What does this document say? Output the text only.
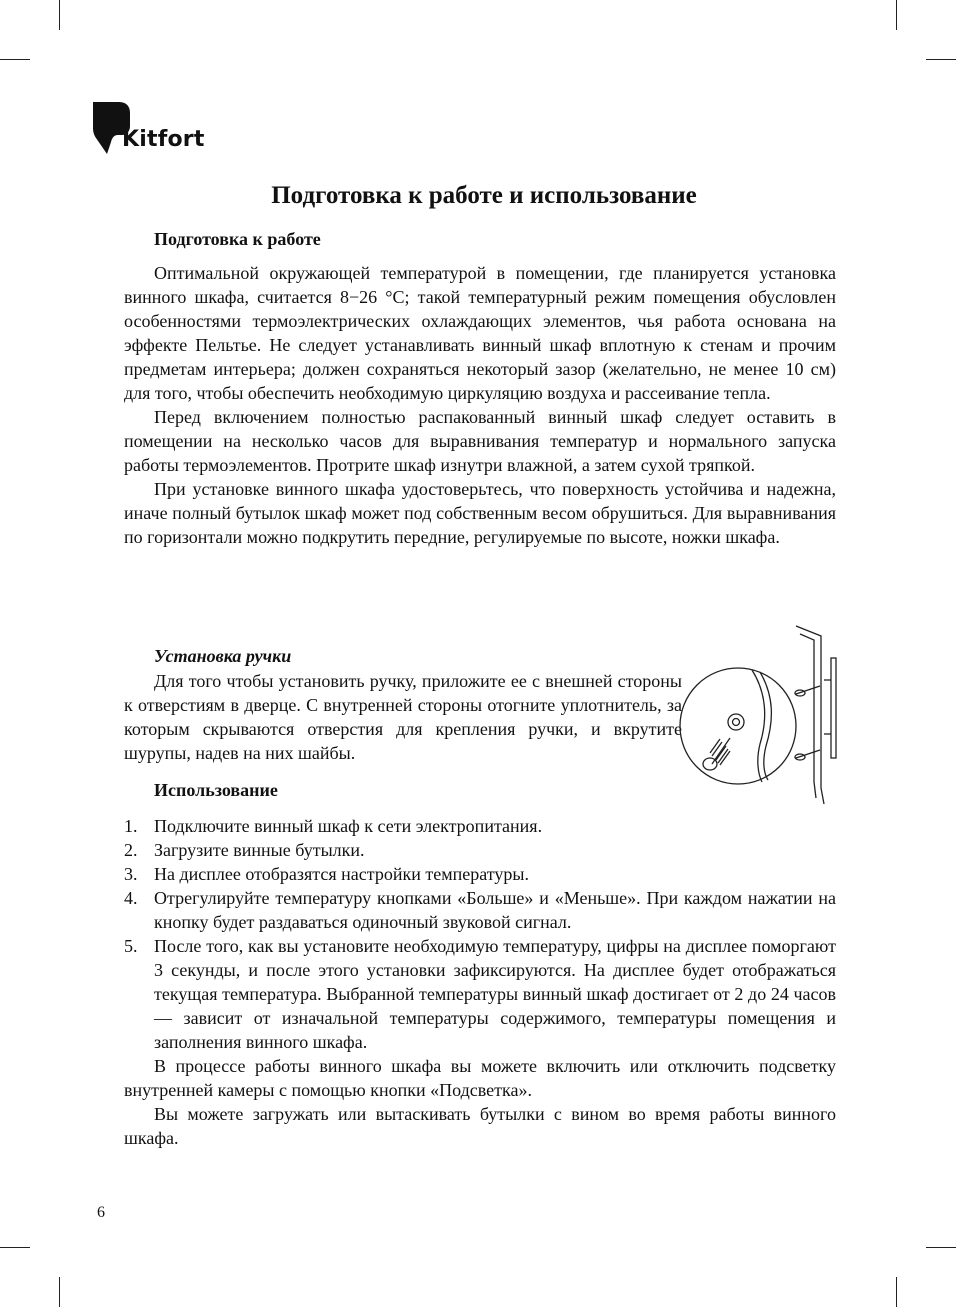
Kitfort
Подготовка к работе и использование
Подготовка к работе

Оптимальной окружающей температурой в помещении, где планируется установка винного шкафа, считается 8−26 °С; такой температурный режим помещения обусловлен особенностями термоэлектрических охлаждающих элементов, чья работа основана на эффекте Пельтье. Не следует устанавливать винный шкаф вплотную к стенам и прочим предметам интерьера; должен сохраняться некоторый зазор (желательно, не менее 10 см) для того, чтобы обеспечить необходимую циркуляцию воздуха и рассеивание тепла.

Перед включением полностью распакованный винный шкаф следует оставить в помещении на несколько часов для выравнивания температур и нормального запуска работы термоэлементов. Протрите шкаф изнутри влажной, а затем сухой тряпкой.

При установке винного шкафа удостоверьтесь, что поверхность устойчива и надежна, иначе полный бутылок шкаф может под собственным весом обрушиться. Для выравнивания по горизонтали можно подкрутить передние, регулируемые по высоте, ножки шкафа.

Установка ручки

Для того чтобы установить ручку, приложите ее с внешней стороны к отверстиям в дверце. С внутренней стороны отогните уплотнитель, за которым скрываются отверстия для крепления ручки, и вкрутите шурупы, надев на них шайбы.

Использование
1. Подключите винный шкаф к сети электропитания.
2. Загрузите винные бутылки.
3. На дисплее отобразятся настройки температуры.
4. Отрегулируйте температуру кнопками «Больше» и «Меньше». При каждом нажатии на кнопку будет раздаваться одиночный звуковой сигнал.
5. После того, как вы установите необходимую температуру, цифры на дисплее поморгают 3 секунды, и после этого установки зафиксируются. На дисплее будет отображаться текущая температура. Выбранной температуры винный шкаф достигает от 2 до 24 часов — зависит от изначальной температуры содержимого, температуры помещения и заполнения винного шкафа.

В процессе работы винного шкафа вы можете включить или отключить подсветку внутренней камеры с помощью кнопки «Подсветка».

Вы можете загружать или вытаскивать бутылки с вином во время работы винного шкафа.

6
